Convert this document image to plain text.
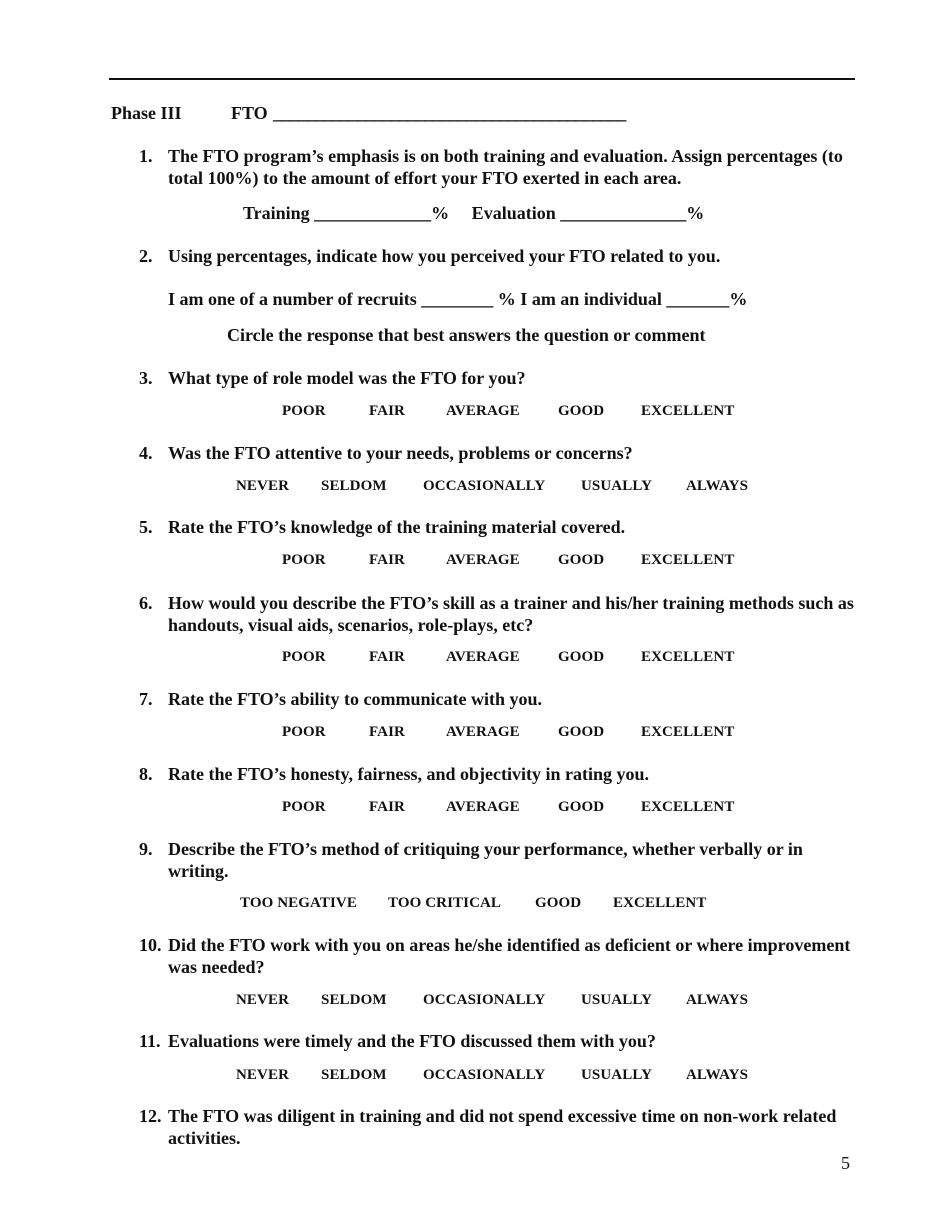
Phase III	FTO __________________________________________
1. The FTO program’s emphasis is on both training and evaluation. Assign percentages (to total 100%) to the amount of effort your FTO exerted in each area.
Training _____________%     Evaluation ______________%
2. Using percentages, indicate how you perceived your FTO related to you.
I am one of a number of recruits ________ % I am an individual _______%
Circle the response that best answers the question or comment
3. What type of role model was the FTO for you?
POOR	FAIR	AVERAGE	GOOD EXCELLENT
4. Was the FTO attentive to your needs, problems or concerns?
NEVER SELDOM OCCASIONALLY USUALLY ALWAYS
5. Rate the FTO’s knowledge of the training material covered.
POOR	FAIR	AVERAGE	GOOD EXCELLENT
6. How would you describe the FTO’s skill as a trainer and his/her training methods such as handouts, visual aids, scenarios, role-plays, etc?
POOR	FAIR	AVERAGE	GOOD EXCELLENT
7. Rate the FTO’s ability to communicate with you.
POOR	FAIR	AVERAGE	GOOD EXCELLENT
8. Rate the FTO’s honesty, fairness, and objectivity in rating you.
POOR	FAIR	AVERAGE	GOOD EXCELLENT
9. Describe the FTO’s method of critiquing your performance, whether verbally or in writing.
TOO NEGATIVE TOO CRITICAL GOOD EXCELLENT
10. Did the FTO work with you on areas he/she identified as deficient or where improvement was needed?
NEVER SELDOM OCCASIONALLY USUALLY ALWAYS
11. Evaluations were timely and the FTO discussed them with you?
NEVER SELDOM OCCASIONALLY USUALLY ALWAYS
12. The FTO was diligent in training and did not spend excessive time on non-work related activities.
5
